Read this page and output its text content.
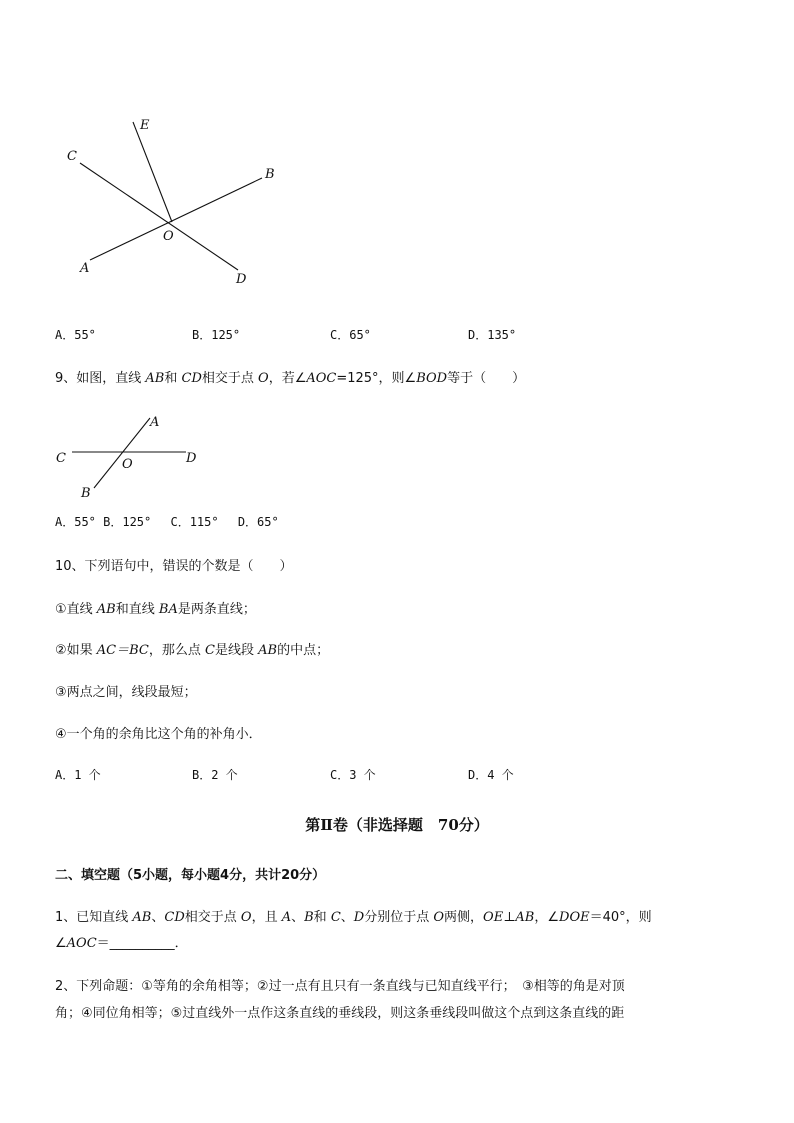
E
C
B
O
A
D
A．55°	B．125°	C．65°	D．135°
9、如图，直线 AB和 CD相交于点 O，若∠AOC=125°，则∠BOD等于（　　）
A
C	O	D
B
A．55° B．125°　 C．115°　 D．65°
10、下列语句中，错误的个数是（　　）
①直线 AB和直线 BA是两条直线；
②如果 AC＝BC，那么点 C是线段 AB的中点；
③两点之间，线段最短；
④一个角的余角比这个角的补角小．
A．1 个	B．2 个	C．3 个	D．4 个
第Ⅱ卷（非选择题　70分）
二、填空题（5小题，每小题4分，共计20分）
1、已知直线 AB、CD相交于点 O，且 A、B和 C、D分别位于点 O两侧，OE⊥AB，∠DOE＝40°，则
∠AOC＝__________．
2、下列命题：①等角的余角相等；②过一点有且只有一条直线与已知直线平行；　③相等的角是对顶
角；④同位角相等；⑤过直线外一点作这条直线的垂线段，则这条垂线段叫做这个点到这条直线的距
